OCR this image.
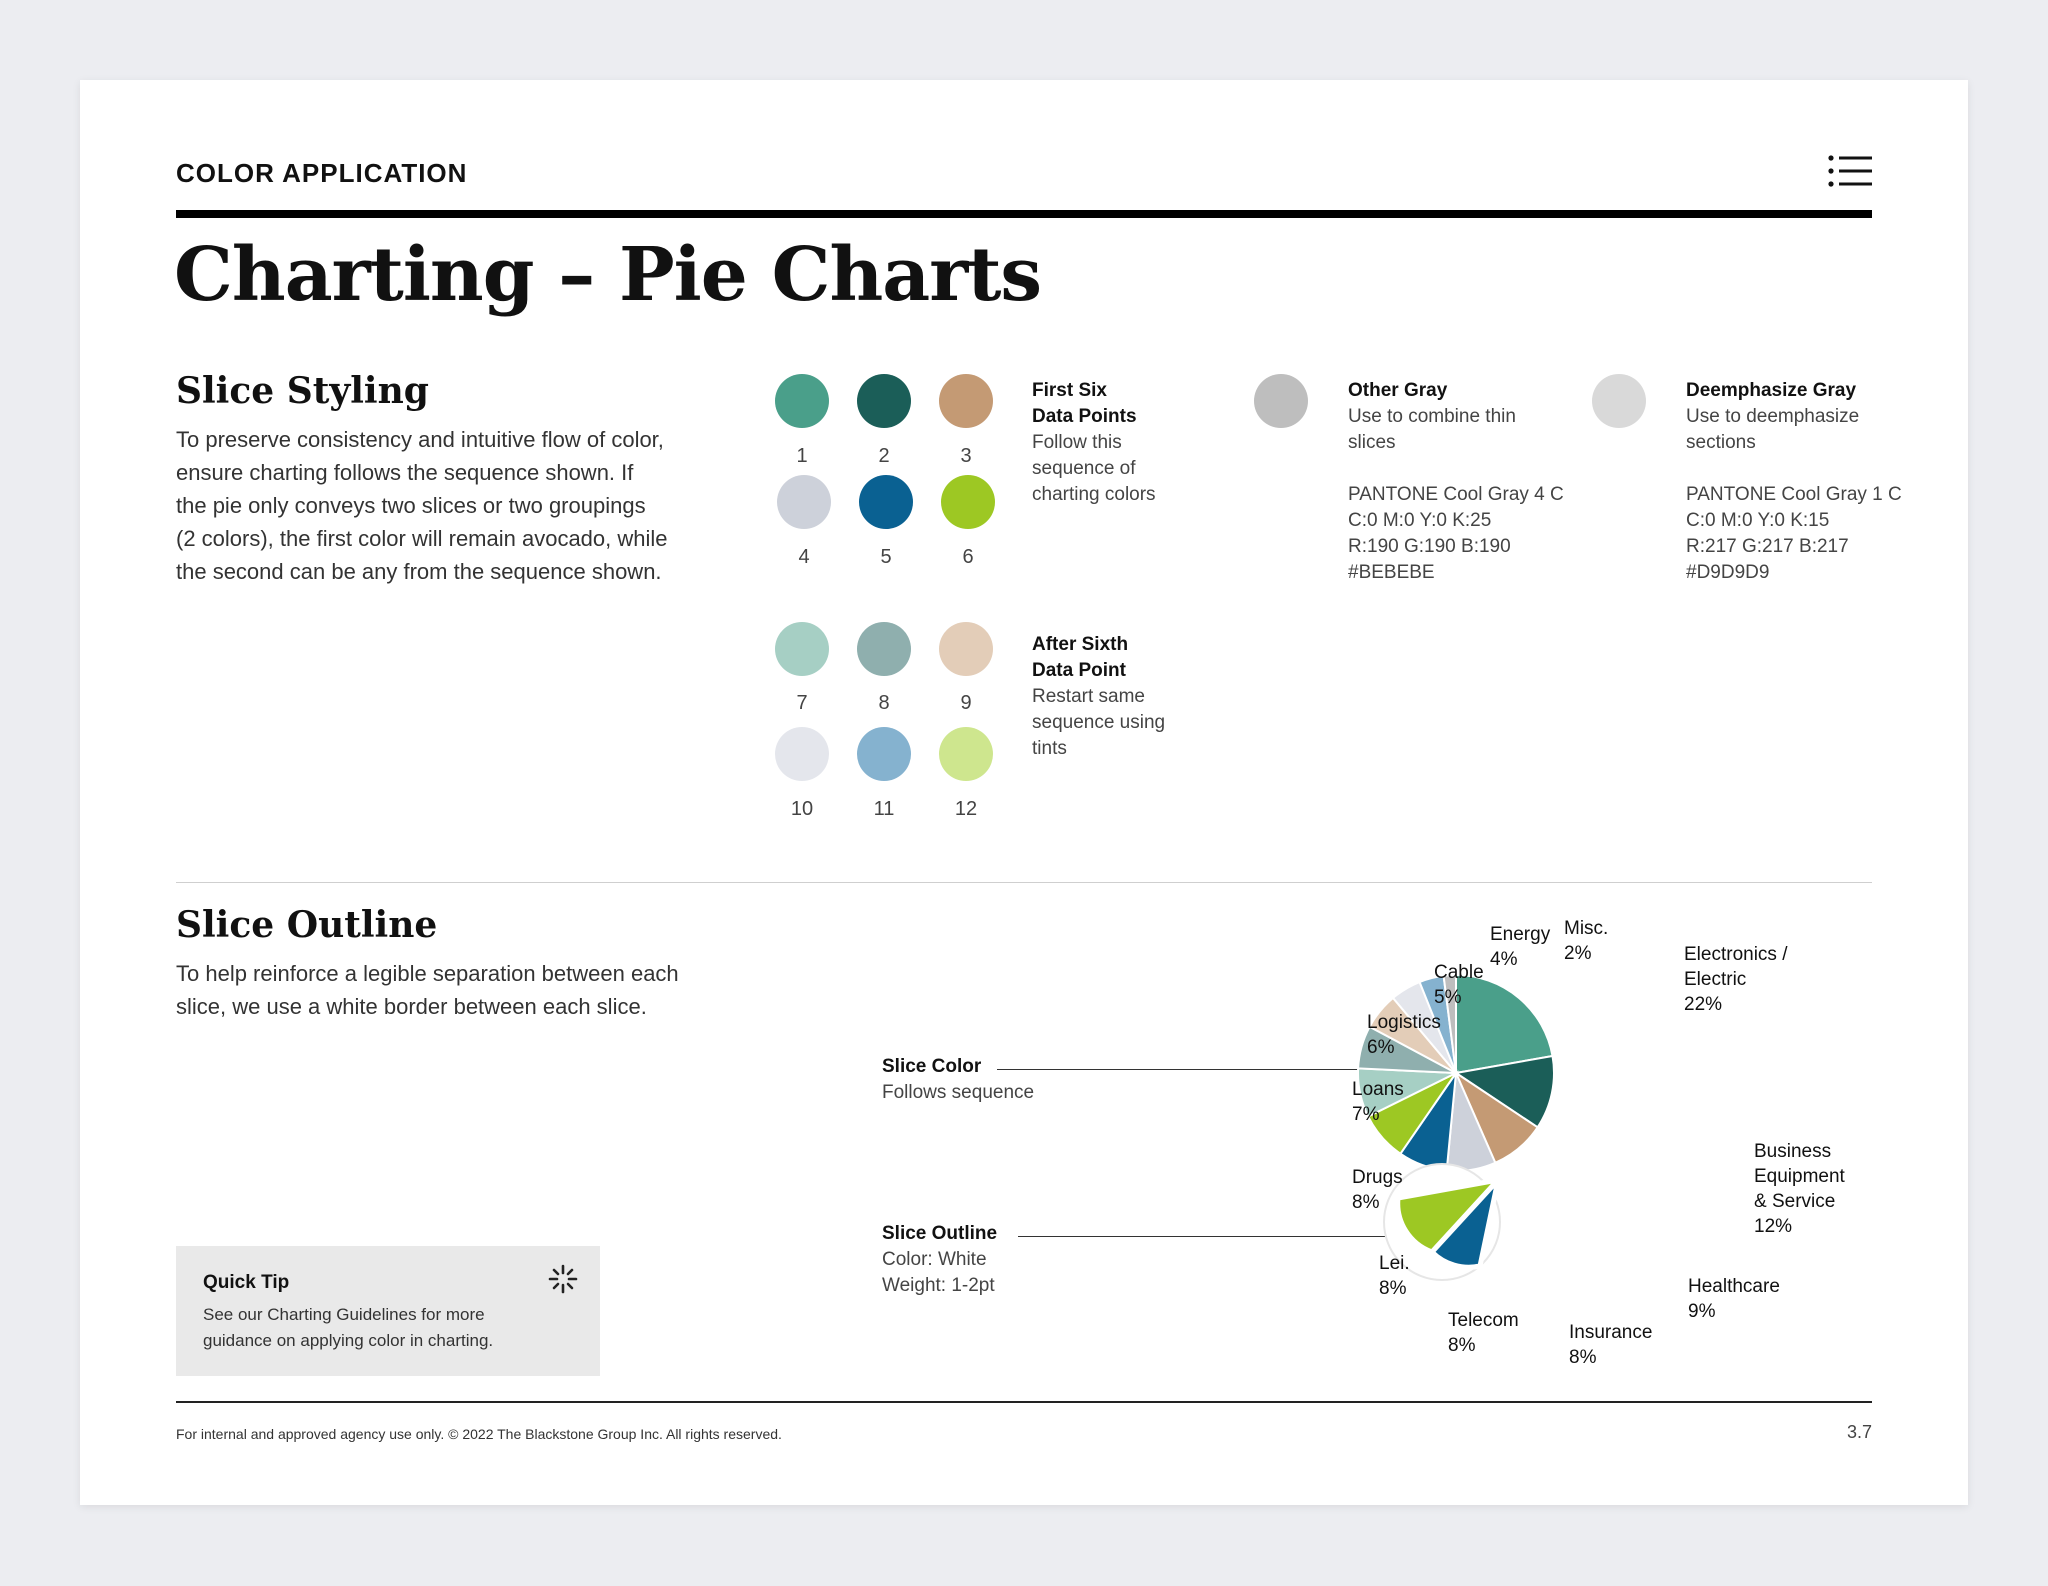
COLOR APPLICATION
Charting – Pie Charts
Slice Styling
To preserve consistency and intuitive flow of color,
ensure charting follows the sequence shown. If
the pie only conveys two slices or two groupings
(2 colors), the first color will remain avocado, while
the second can be any from the sequence shown.
1	2	3
4	5	6
First Six
Data Points
Follow this
sequence of
charting colors
Other Gray
Use to combine thin
slices
PANTONE Cool Gray 4 C
C:0 M:0 Y:0 K:25
R:190 G:190 B:190
#BEBEBE
Deemphasize Gray
Use to deemphasize
sections
PANTONE Cool Gray 1 C
C:0 M:0 Y:0 K:15
R:217 G:217 B:217
#D9D9D9
7	8	9
10	11	12
After Sixth
Data Point
Restart same
sequence using
tints
Slice Outline
To help reinforce a legible separation between each
slice, we use a white border between each slice.
Slice Color
Follows sequence
Slice Outline
Color: White
Weight: 1-2pt
Electronics /
Electric
22%
Business
Equipment
& Service
12%
Healthcare
9%
Insurance
8%
Telecom
8%
Lei.
8%
Drugs
8%
Loans
7%
Logistics
6%
Cable
5%
Energy
4%
Misc.
2%
Quick Tip
See our Charting Guidelines for more
guidance on applying color in charting.
For internal and approved agency use only. © 2022 The Blackstone Group Inc. All rights reserved.	3.7
